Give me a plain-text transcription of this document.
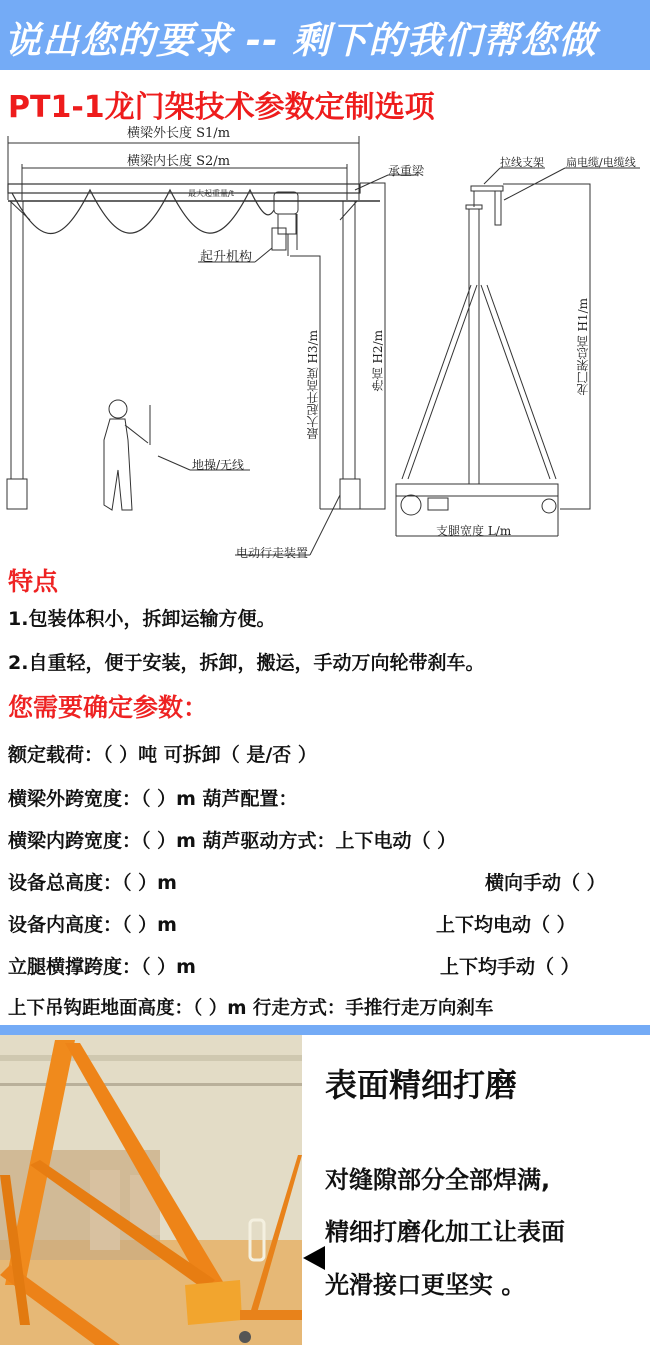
说出您的要求 -- 剩下的我们帮您做
PT1-1龙门架技术参数定制选项
横梁外长度 S1/m
横梁内长度 S2/m
最大起重量/t
承重梁
起升机构
拉线支架 扁电缆/电缆线
最大起升高度 H3/m	净高 H2/m	龙门架总高 H1/m
地操/无线
电动行走装置
支腿宽度 L/m
特点
1.包装体积小，拆卸运输方便。
2.自重轻，便于安装，拆卸，搬运，手动万向轮带刹车。
您需要确定参数：
额定载荷：（ ）吨 可拆卸（ 是/否 ）
横梁外跨宽度：（ ）m 葫芦配置：
横梁内跨宽度：（ ）m 葫芦驱动方式：上下电动（ ）
设备总高度：（ ）m	横向手动（ ）
设备内高度：（ ）m	上下均电动（ ）
立腿横撑跨度：（ ）m	上下均手动（ ）
上下吊钩距地面高度：（ ）m 行走方式：手推行走万向刹车
表面精细打磨
对缝隙部分全部焊满,
精细打磨化加工让表面
光滑接口更坚实 。
